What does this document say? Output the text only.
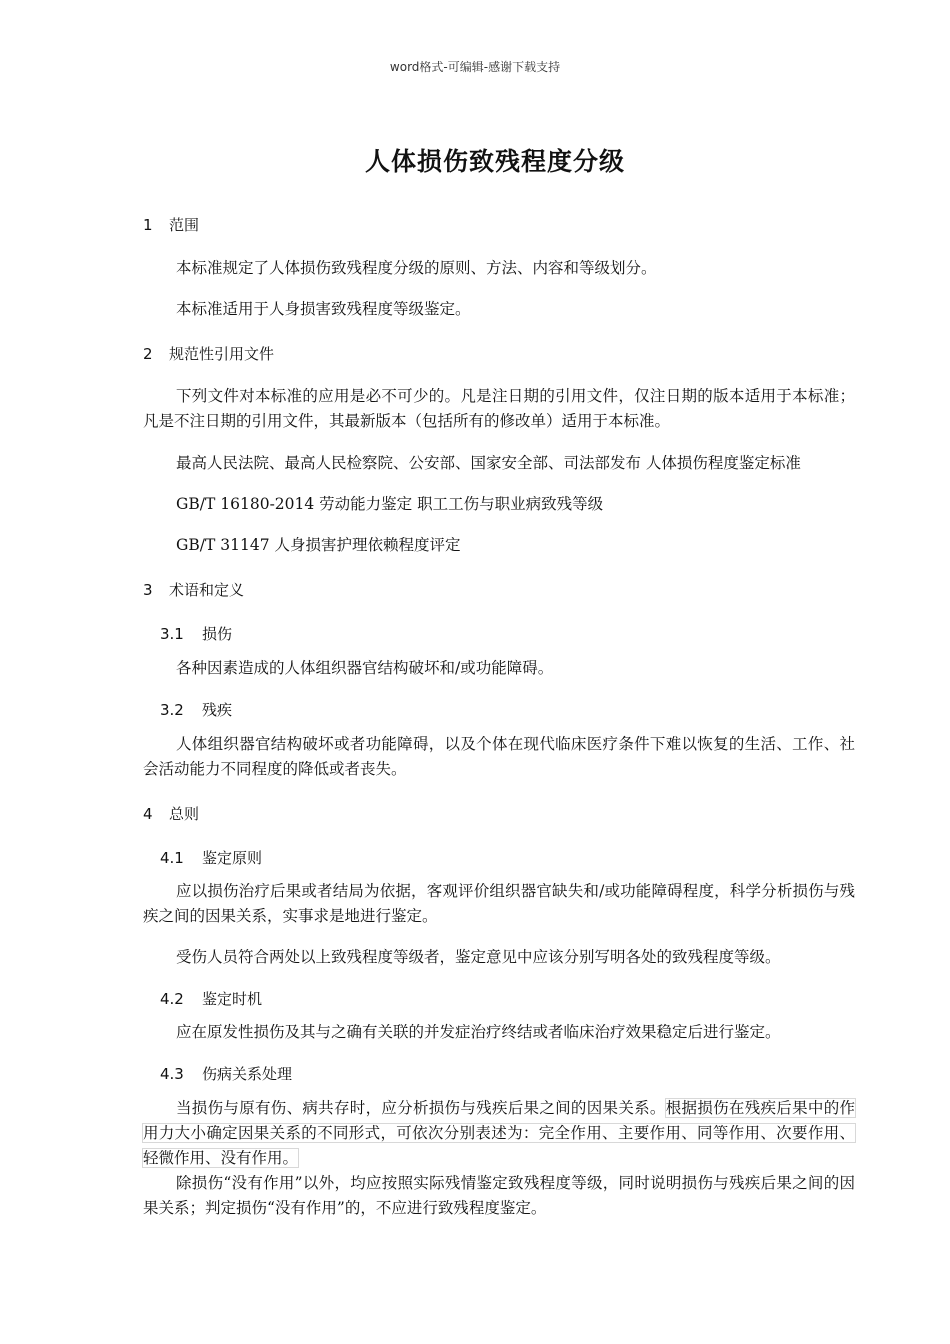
word格式-可编辑-感谢下载支持
人体损伤致残程度分级
1 范围
本标准规定了人体损伤致残程度分级的原则、方法、内容和等级划分。
本标准适用于人身损害致残程度等级鉴定。
2 规范性引用文件
下列文件对本标准的应用是必不可少的。凡是注日期的引用文件，仅注日期的版本适用于本标准；凡是不注日期的引用文件，其最新版本（包括所有的修改单）适用于本标准。
最高人民法院、最高人民检察院、公安部、国家安全部、司法部发布 人体损伤程度鉴定标准
GB/T 16180-2014 劳动能力鉴定 职工工伤与职业病致残等级
GB/T 31147 人身损害护理依赖程度评定
3 术语和定义
3.1 损伤
各种因素造成的人体组织器官结构破坏和/或功能障碍。
3.2 残疾
人体组织器官结构破坏或者功能障碍，以及个体在现代临床医疗条件下难以恢复的生活、工作、社会活动能力不同程度的降低或者丧失。
4 总则
4.1 鉴定原则
应以损伤治疗后果或者结局为依据，客观评价组织器官缺失和/或功能障碍程度，科学分析损伤与残疾之间的因果关系，实事求是地进行鉴定。
受伤人员符合两处以上致残程度等级者，鉴定意见中应该分别写明各处的致残程度等级。
4.2 鉴定时机
应在原发性损伤及其与之确有关联的并发症治疗终结或者临床治疗效果稳定后进行鉴定。
4.3 伤病关系处理
当损伤与原有伤、病共存时，应分析损伤与残疾后果之间的因果关系。根据损伤在残疾后果中的作用力大小确定因果关系的不同形式，可依次分别表述为：完全作用、主要作用、同等作用、次要作用、轻微作用、没有作用。
除损伤“没有作用”以外，均应按照实际残情鉴定致残程度等级，同时说明损伤与残疾后果之间的因果关系；判定损伤“没有作用”的，不应进行致残程度鉴定。
